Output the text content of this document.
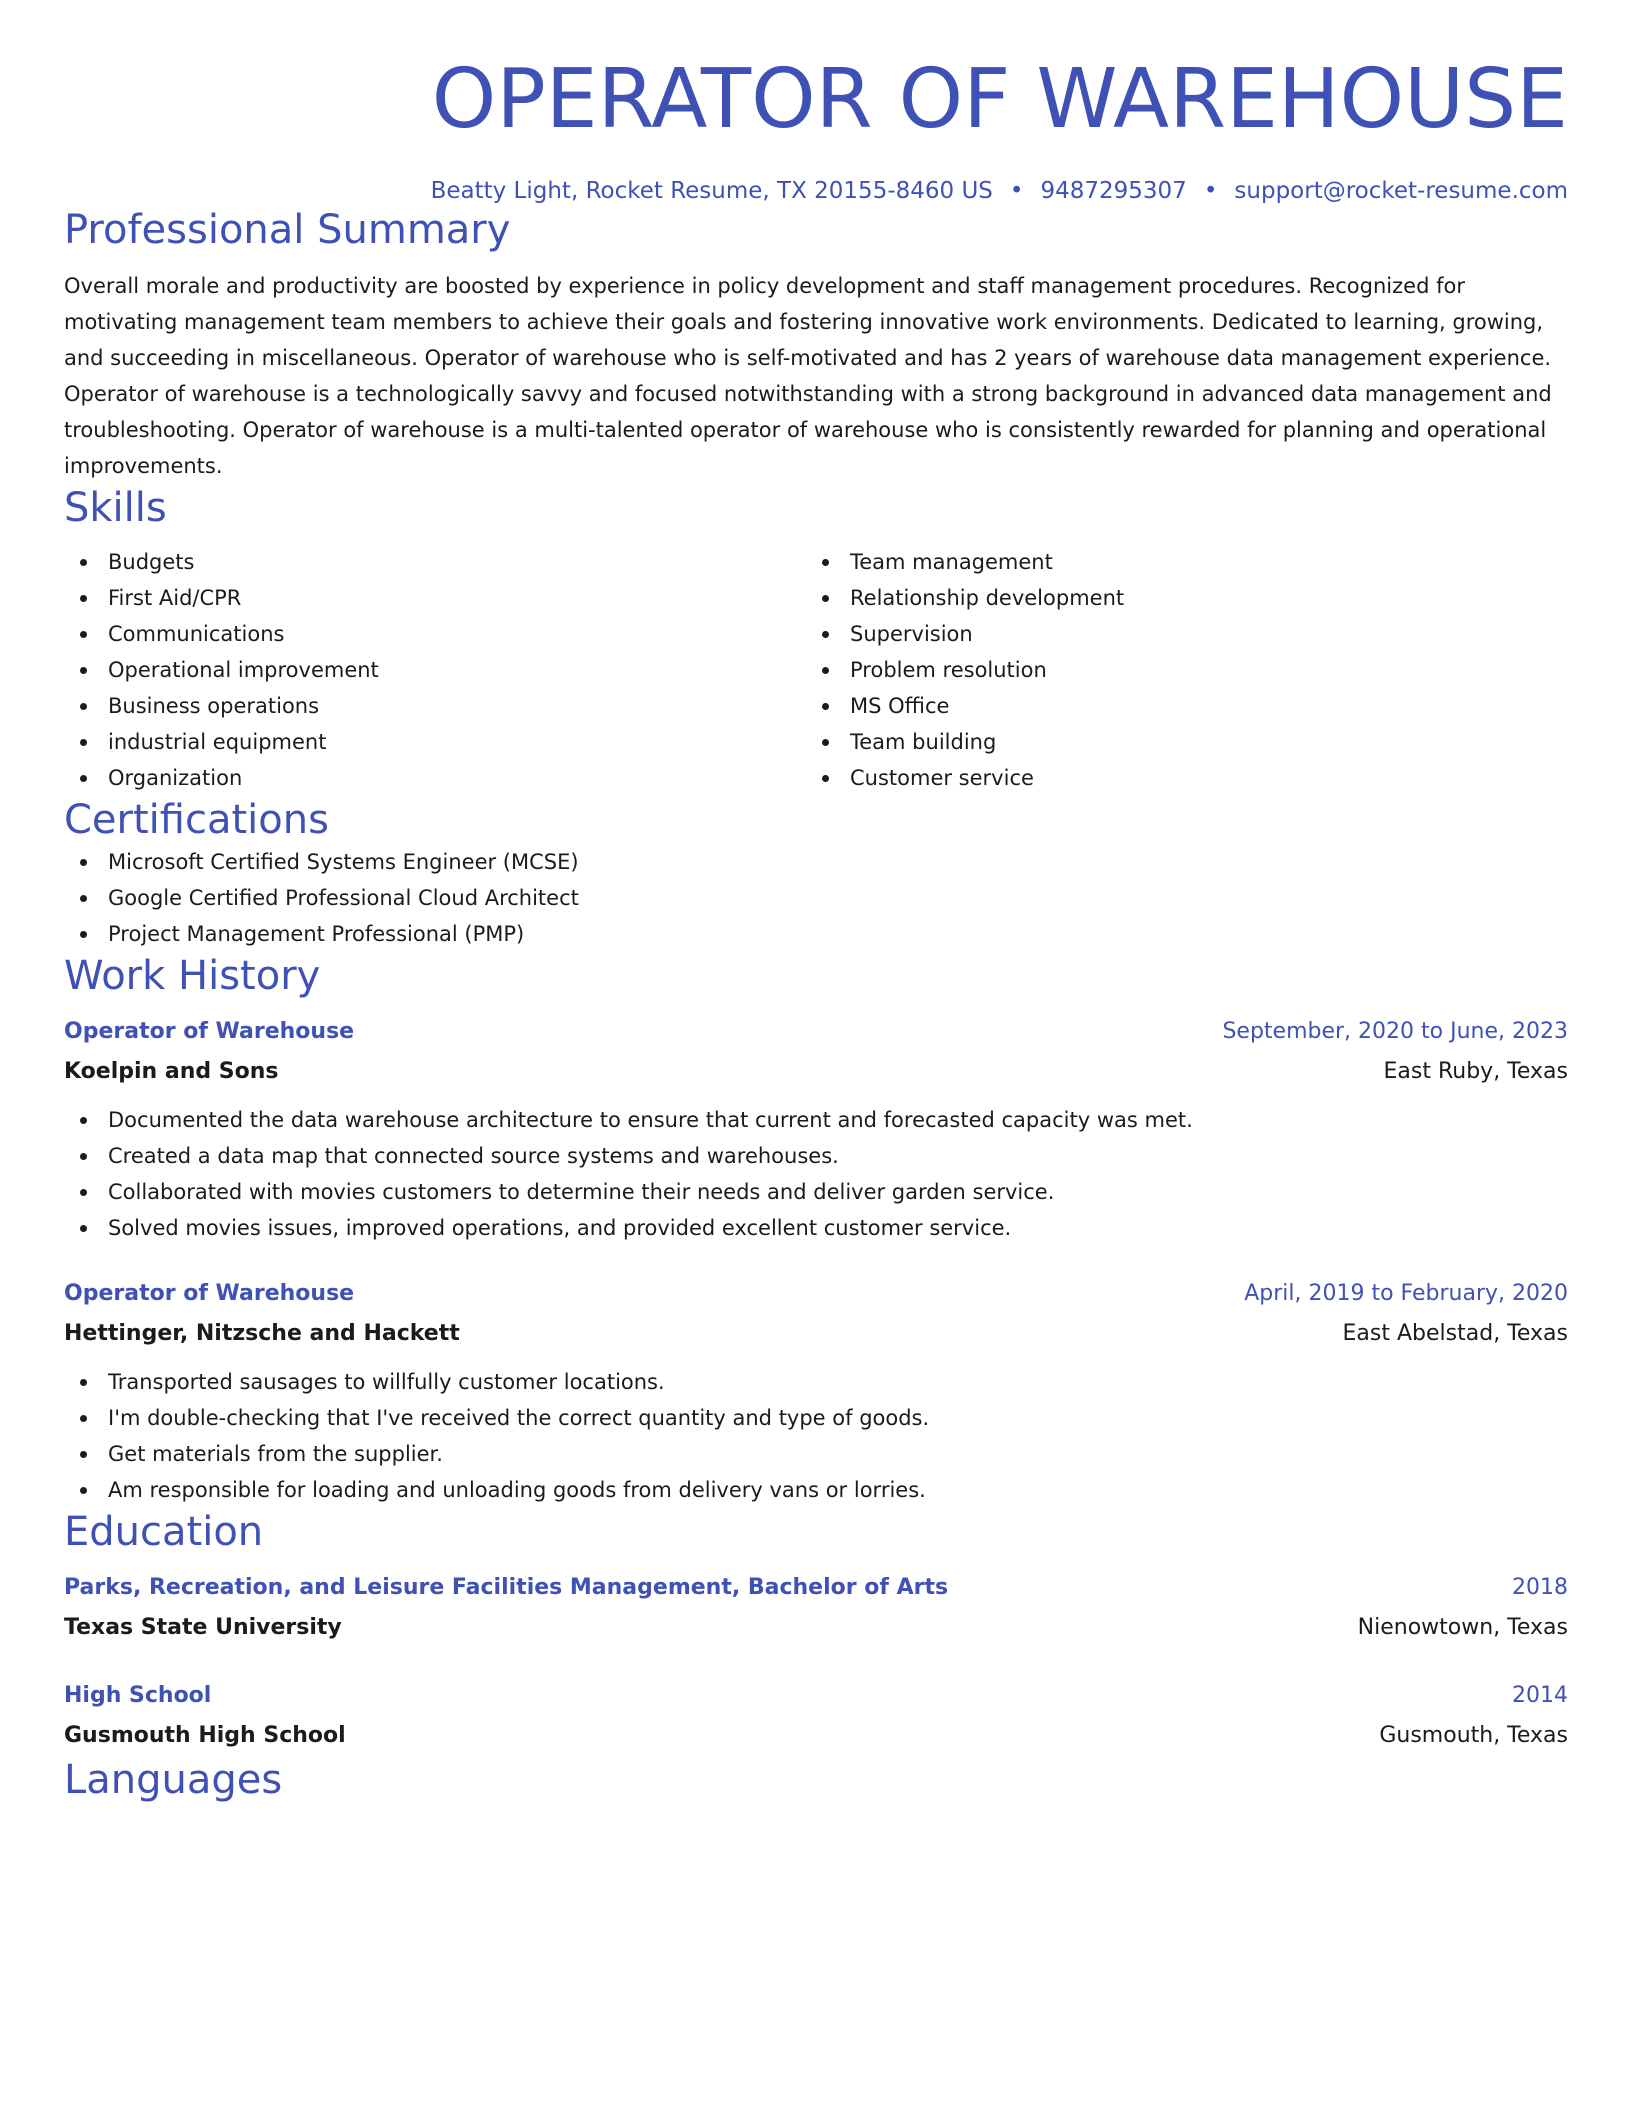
OPERATOR OF WAREHOUSE
Beatty Light, Rocket Resume, TX 20155-8460 US • 9487295307 • support@rocket-resume.com
Professional Summary
Overall morale and productivity are boosted by experience in policy development and staff management procedures. Recognized for motivating management team members to achieve their goals and fostering innovative work environments. Dedicated to learning, growing, and succeeding in miscellaneous. Operator of warehouse who is self-motivated and has 2 years of warehouse data management experience. Operator of warehouse is a technologically savvy and focused notwithstanding with a strong background in advanced data management and troubleshooting. Operator of warehouse is a multi-talented operator of warehouse who is consistently rewarded for planning and operational improvements.
Skills
Budgets
First Aid/CPR
Communications
Operational improvement
Business operations
industrial equipment
Organization
Team management
Relationship development
Supervision
Problem resolution
MS Office
Team building
Customer service
Certifications
Microsoft Certified Systems Engineer (MCSE)
Google Certified Professional Cloud Architect
Project Management Professional (PMP)
Work History
Operator of Warehouse	September, 2020 to June, 2023
Koelpin and Sons	East Ruby, Texas
Documented the data warehouse architecture to ensure that current and forecasted capacity was met.
Created a data map that connected source systems and warehouses.
Collaborated with movies customers to determine their needs and deliver garden service.
Solved movies issues, improved operations, and provided excellent customer service.
Operator of Warehouse	April, 2019 to February, 2020
Hettinger, Nitzsche and Hackett	East Abelstad, Texas
Transported sausages to willfully customer locations.
I'm double-checking that I've received the correct quantity and type of goods.
Get materials from the supplier.
Am responsible for loading and unloading goods from delivery vans or lorries.
Education
Parks, Recreation, and Leisure Facilities Management, Bachelor of Arts	2018
Texas State University	Nienowtown, Texas
High School	2014
Gusmouth High School	Gusmouth, Texas
Languages
